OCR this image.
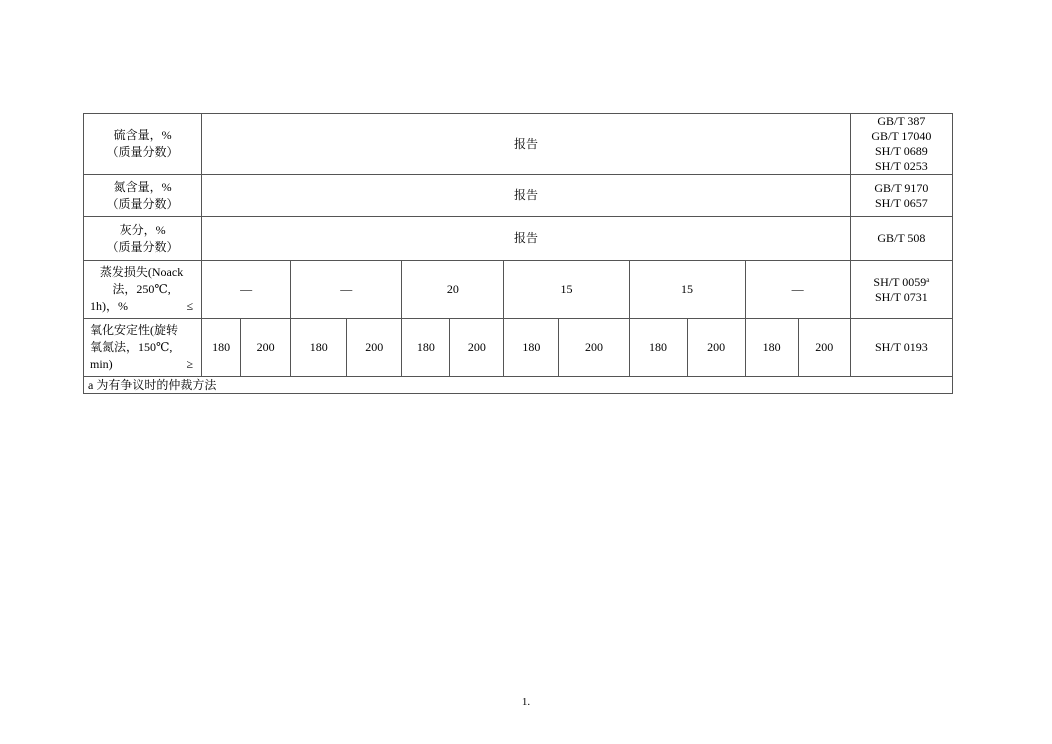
硫含量，%
（质量分数）	报告												GB/T 387
GB/T 17040
SH/T 0689
SH/T 0253

氮含量，%
（质量分数）	报告												GB/T 9170
SH/T 0657

灰分，%
（质量分数）	报告												GB/T 508

蒸发损失(Noack
法，250℃,
1h)，% ≤	—		—		20		15		15		—		SH/T 0059$^a$
SH/T 0731

氧化安定性(旋转
氧氮法，150℃,
min) ≥	180	200	180	200	180	200	180	200	180	200	180	200	SH/T 0193
a 为有争议时的仲裁方法													
1.
